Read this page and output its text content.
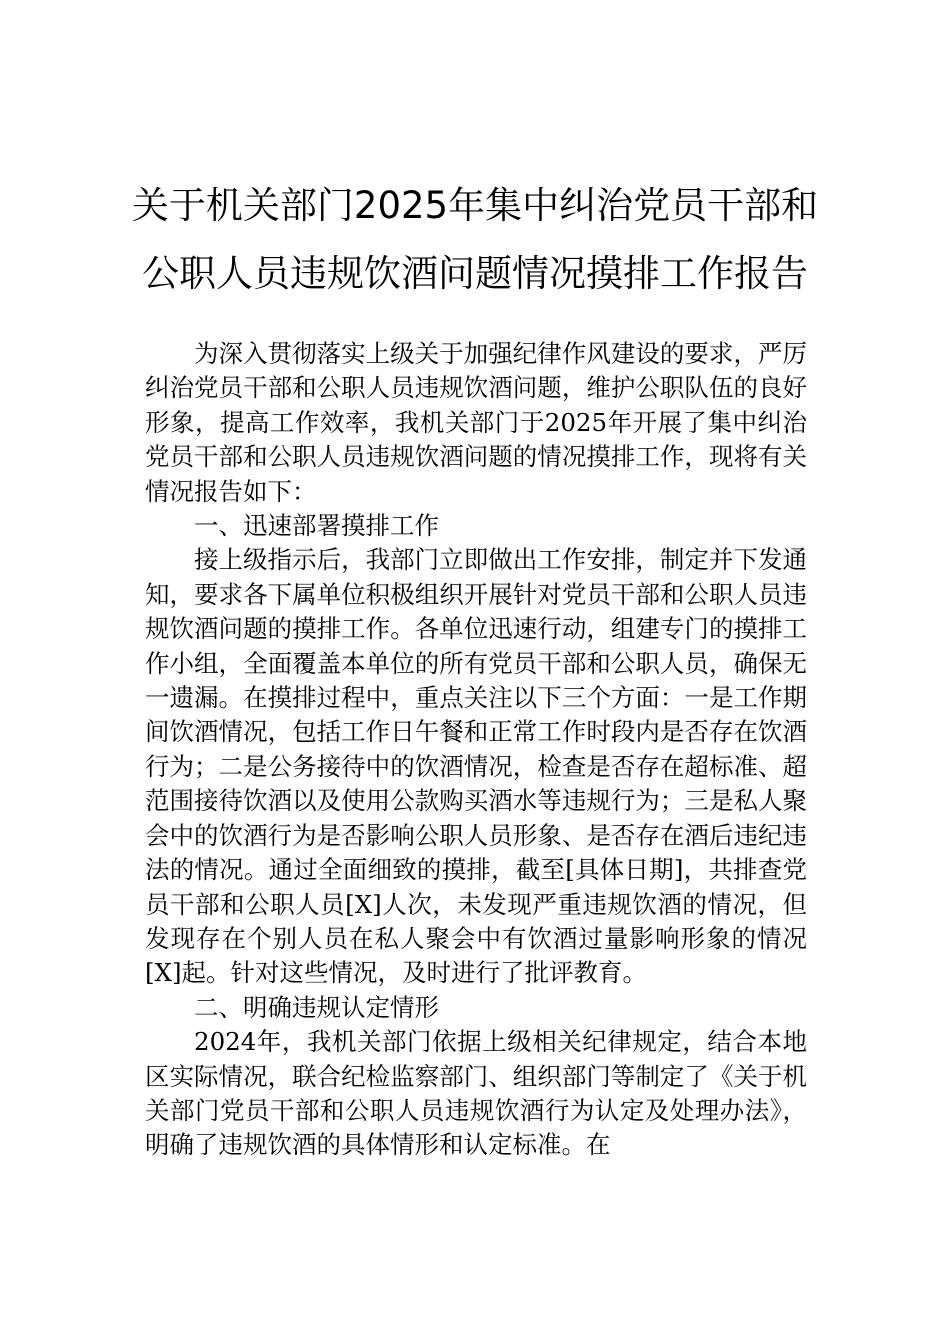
关于机关部门2025年集中纠治党员干部和
公职人员违规饮酒问题情况摸排工作报告

为深入贯彻落实上级关于加强纪律作风建设的要求，严厉纠治党员干部和公职人员违规饮酒问题，维护公职队伍的良好形象，提高工作效率，我机关部门于2025年开展了集中纠治党员干部和公职人员违规饮酒问题的情况摸排工作，现将有关情况报告如下：

一、迅速部署摸排工作

接上级指示后，我部门立即做出工作安排，制定并下发通知，要求各下属单位积极组织开展针对党员干部和公职人员违规饮酒问题的摸排工作。各单位迅速行动，组建专门的摸排工作小组，全面覆盖本单位的所有党员干部和公职人员，确保无一遗漏。在摸排过程中，重点关注以下三个方面：一是工作期间饮酒情况，包括工作日午餐和正常工作时段内是否存在饮酒行为；二是公务接待中的饮酒情况，检查是否存在超标准、超范围接待饮酒以及使用公款购买酒水等违规行为；三是私人聚会中的饮酒行为是否影响公职人员形象、是否存在酒后违纪违法的情况。通过全面细致的摸排，截至[具体日期]，共排查党员干部和公职人员[X]人次，未发现严重违规饮酒的情况，但发现存在个别人员在私人聚会中有饮酒过量影响形象的情况[X]起。针对这些情况，及时进行了批评教育。

二、明确违规认定情形

2024年，我机关部门依据上级相关纪律规定，结合本地区实际情况，联合纪检监察部门、组织部门等制定了《关于机关部门党员干部和公职人员违规饮酒行为认定及处理办法》，明确了违规饮酒的具体情形和认定标准。在
